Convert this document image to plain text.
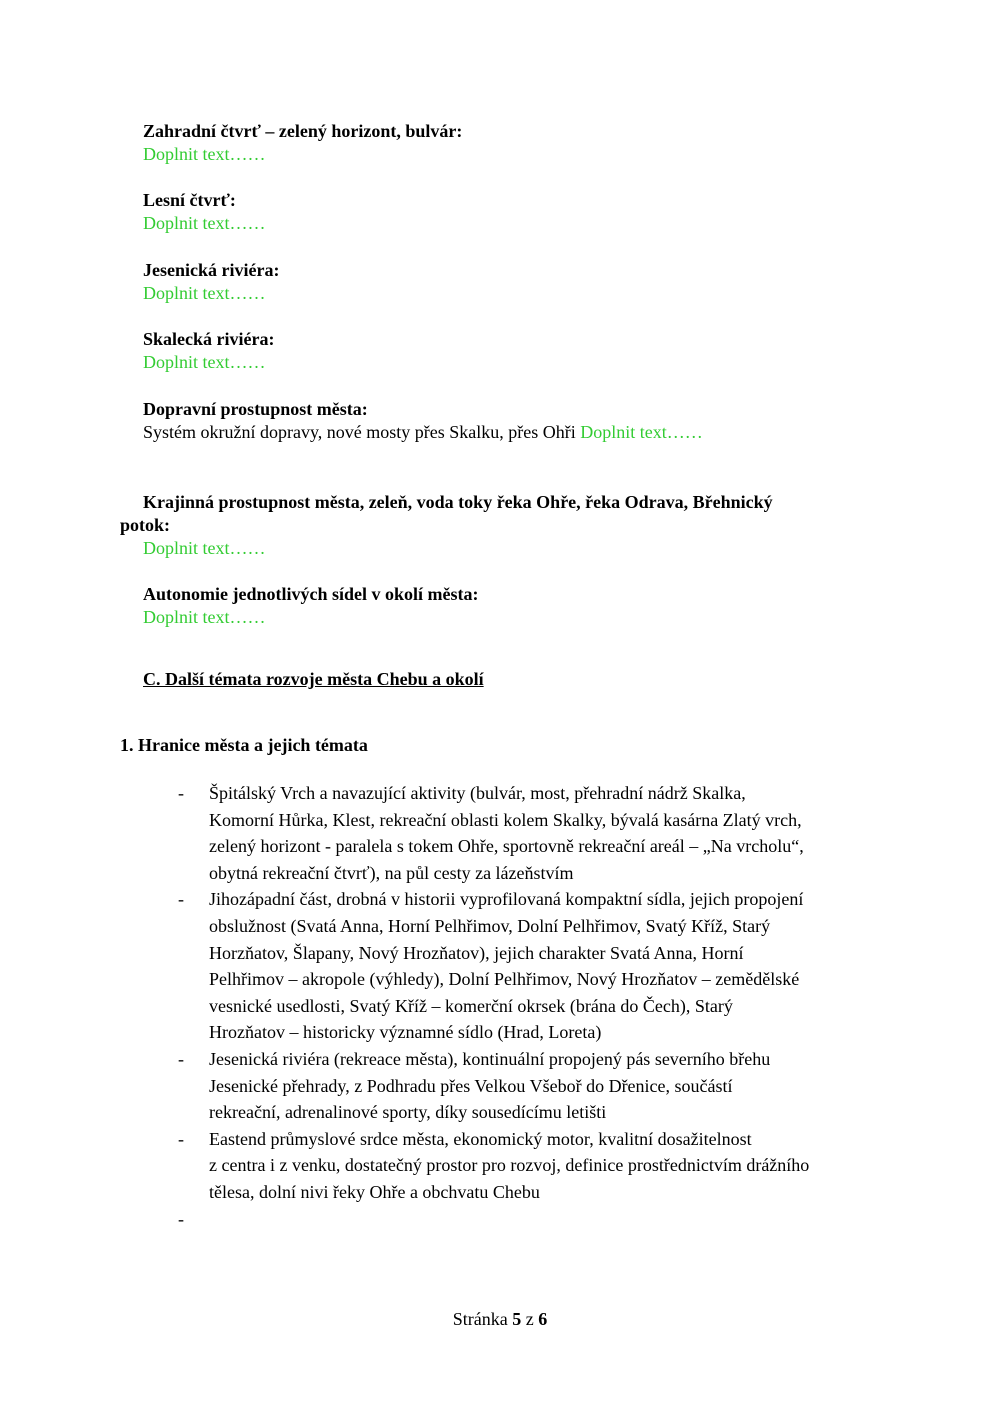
Zahradní čtvrť – zelený horizont, bulvár:
Doplnit text……
Lesní čtvrť:
Doplnit text……
Jesenická riviéra:
Doplnit text……
Skalecká riviéra:
Doplnit text……
Dopravní prostupnost města:
Systém okružní dopravy, nové mosty přes Skalku, přes Ohři Doplnit text……
Krajinná prostupnost města, zeleň, voda toky řeka Ohře, řeka Odrava, Břehnický
potok:
Doplnit text……
Autonomie jednotlivých sídel v okolí města:
Doplnit text……
C. Další témata rozvoje města Chebu a okolí
1. Hranice města a jejich témata
- Špitálský Vrch a navazující aktivity (bulvár, most, přehradní nádrž Skalka,
Komorní Hůrka, Klest, rekreační oblasti kolem Skalky, bývalá kasárna Zlatý vrch,
zelený horizont - paralela s tokem Ohře, sportovně rekreační areál – „Na vrcholu“,
obytná rekreační čtvrť), na půl cesty za lázeňstvím
- Jihozápadní část, drobná v historii vyprofilovaná kompaktní sídla, jejich propojení
obslužnost (Svatá Anna, Horní Pelhřimov, Dolní Pelhřimov, Svatý Kříž, Starý
Horzňatov, Šlapany, Nový Hrozňatov), jejich charakter Svatá Anna, Horní
Pelhřimov – akropole (výhledy), Dolní Pelhřimov, Nový Hrozňatov – zemědělské
vesnické usedlosti, Svatý Kříž – komerční okrsek (brána do Čech), Starý
Hrozňatov – historicky významné sídlo (Hrad, Loreta)
- Jesenická riviéra (rekreace města), kontinuální propojený pás severního břehu
Jesenické přehrady, z Podhradu přes Velkou Všeboř do Dřenice, součástí
rekreační, adrenalinové sporty, díky sousedícímu letišti
- Eastend průmyslové srdce města, ekonomický motor, kvalitní dosažitelnost
z centra i z venku, dostatečný prostor pro rozvoj, definice prostřednictvím drážního
tělesa, dolní nivi řeky Ohře a obchvatu Chebu
-

Stránka 5 z 6
